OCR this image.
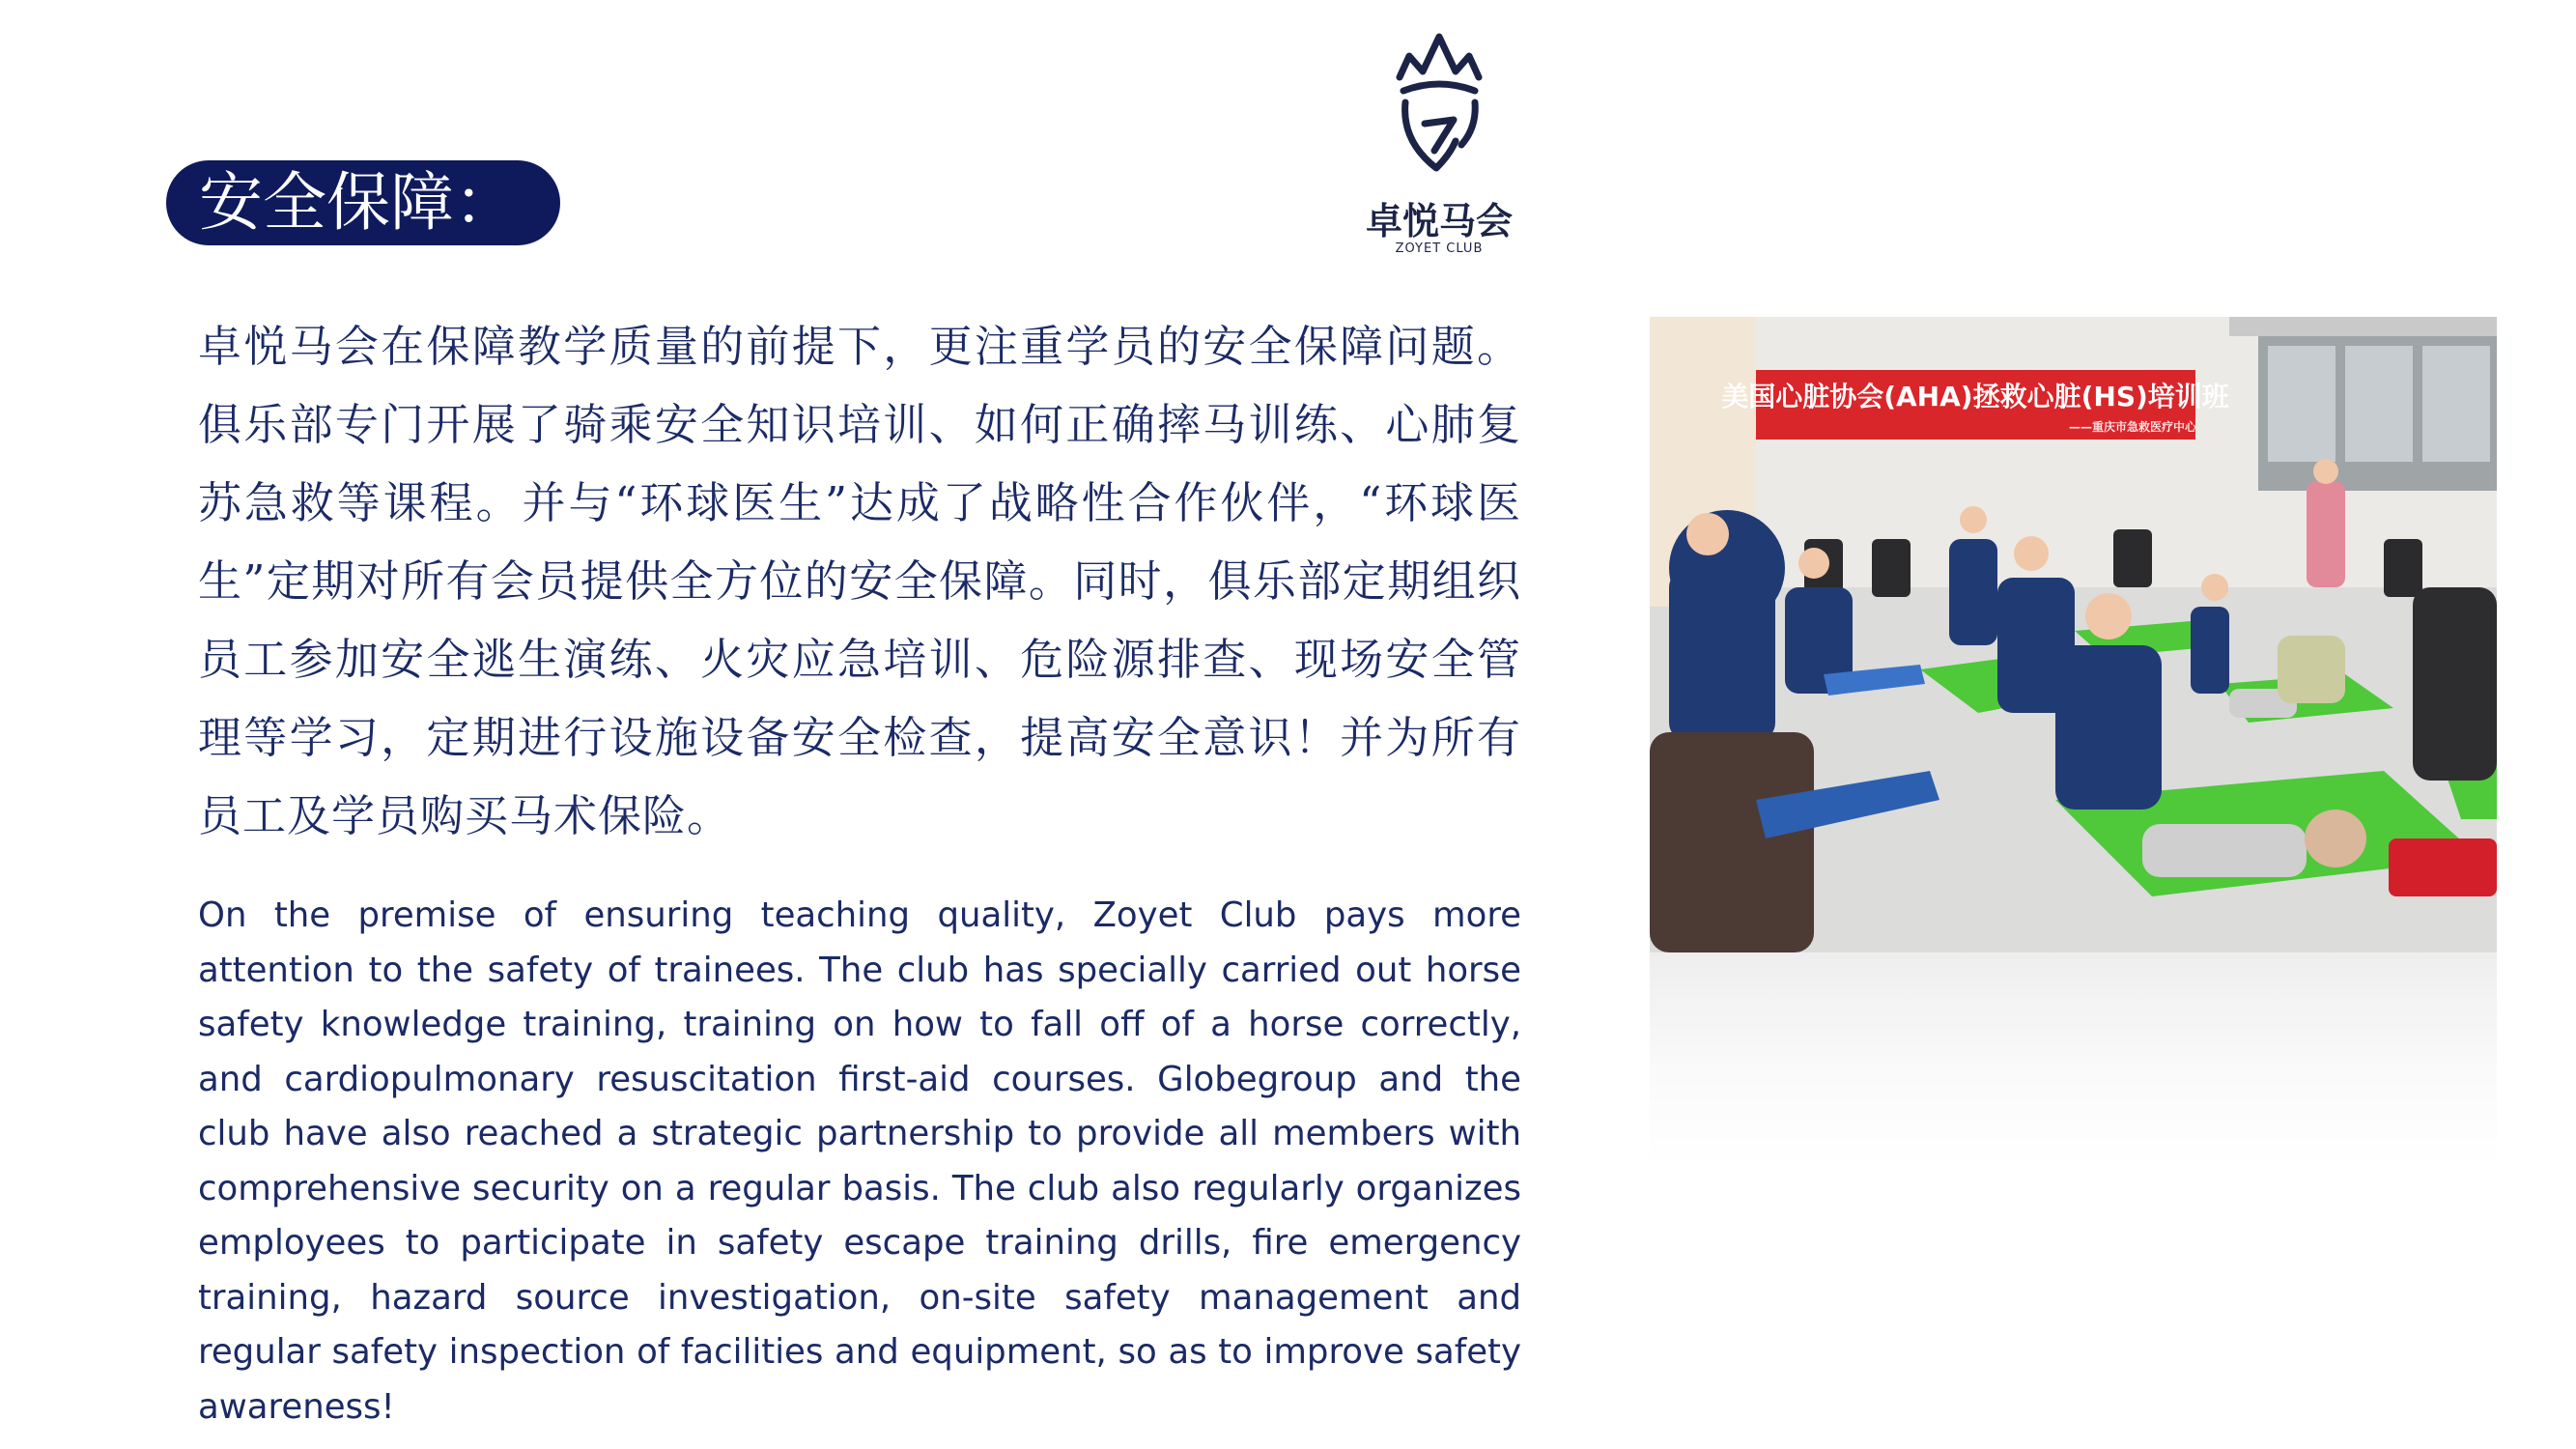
安全保障：	卓悦马会
ZOYET CLUB

卓悦马会在保障教学质量的前提下，更注重学员的安全保障问题。俱乐部专门开展了骑乘安全知识培训、如何正确摔马训练、心肺复苏急救等课程。并与“环球医生”达成了战略性合作伙伴，“环球医生”定期对所有会员提供全方位的安全保障。同时，俱乐部定期组织员工参加安全逃生演练、火灾应急培训、危险源排查、现场安全管理等学习，定期进行设施设备安全检查，提高安全意识！并为所有员工及学员购买马术保险。

On the premise of ensuring teaching quality, Zoyet Club pays more attention to the safety of trainees. The club has specially carried out horse safety knowledge training, training on how to fall off of a horse correctly, and cardiopulmonary resuscitation first-aid courses. Globegroup and the club have also reached a strategic partnership to provide all members with comprehensive security on a regular basis. The club also regularly organizes employees to participate in safety escape training drills, fire emergency training, hazard source investigation, on-site safety management and regular safety inspection of facilities and equipment, so as to improve safety awareness!

美国心脏协会(AHA)拯救心脏(HS)培训班
——重庆市急救医疗中心
